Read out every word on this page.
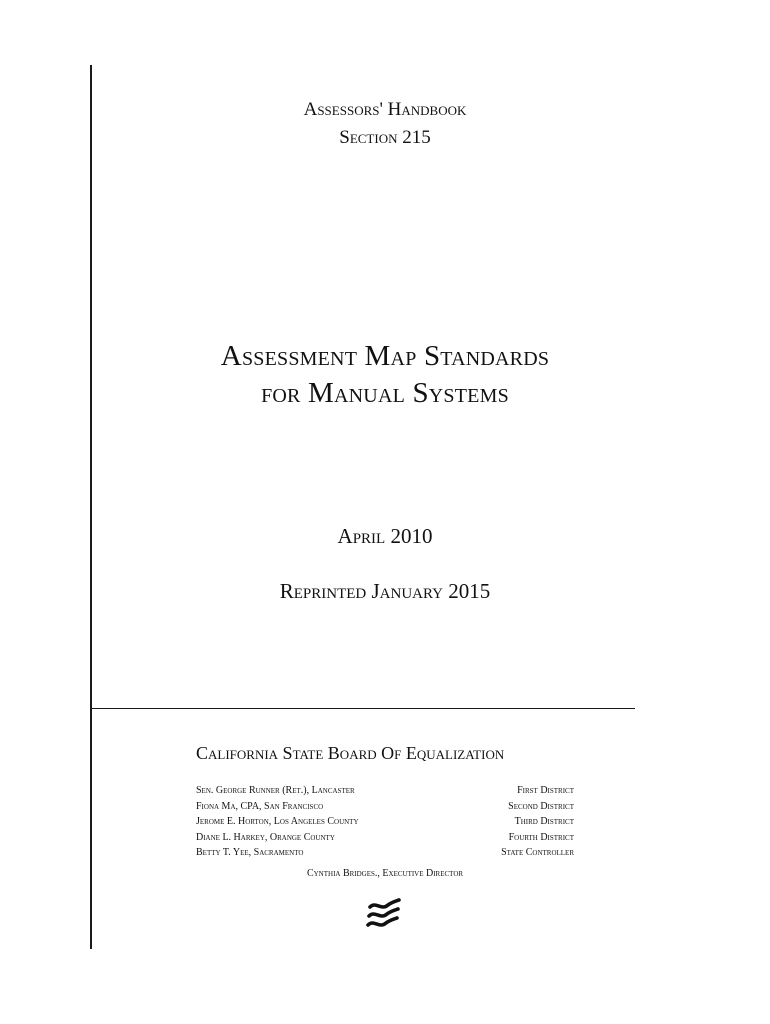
Assessors' Handbook
Section 215
Assessment Map Standards
for Manual Systems
April 2010
Reprinted January 2015
California State Board Of Equalization
Sen. George Runner (Ret.), Lancaster	First District
Fiona Ma, CPA, San Francisco	Second District
Jerome E. Horton, Los Angeles County	Third District
Diane L. Harkey, Orange County	Fourth District
Betty T. Yee, Sacramento	State Controller
Cynthia Bridges., Executive Director
